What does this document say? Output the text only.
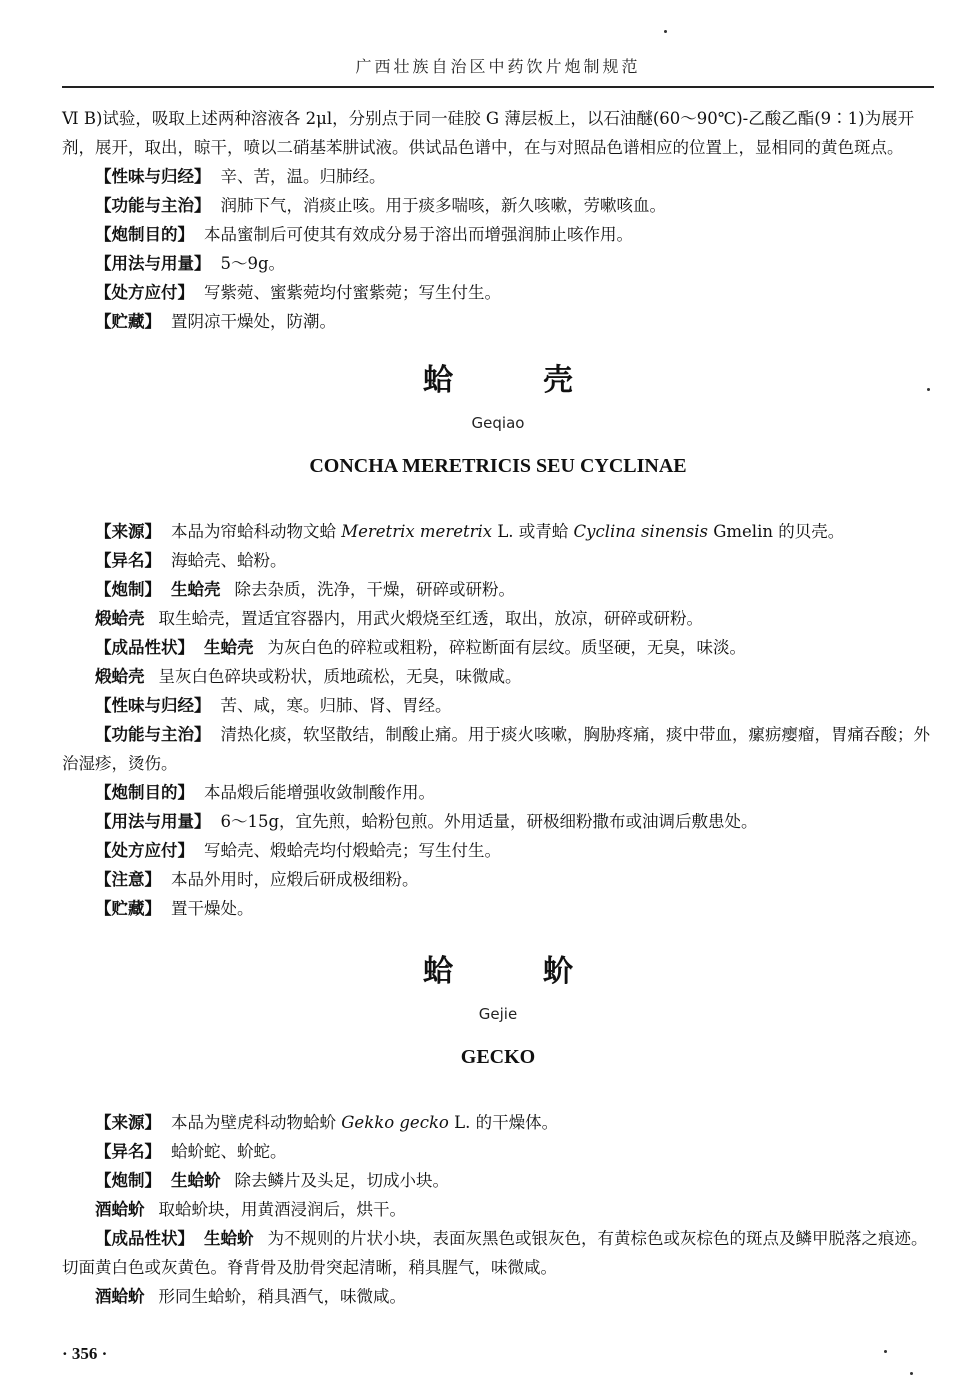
广西壮族自治区中药饮片炮制规范

Ⅵ B)试验，吸取上述两种溶液各 2μl，分别点于同一硅胶 G 薄层板上，以石油醚(60～90℃)-乙酸乙酯(9∶1)为展开剂，展开，取出，晾干，喷以二硝基苯肼试液。供试品色谱中，在与对照品色谱相应的位置上，显相同的黄色斑点。

【性味与归经】 辛、苦，温。归肺经。

【功能与主治】 润肺下气，消痰止咳。用于痰多喘咳，新久咳嗽，劳嗽咳血。

【炮制目的】 本品蜜制后可使其有效成分易于溶出而增强润肺止咳作用。

【用法与用量】 5～9g。

【处方应付】 写紫菀、蜜紫菀均付蜜紫菀；写生付生。

【贮藏】 置阴凉干燥处，防潮。

蛤　壳

Geqiao

CONCHA MERETRICIS SEU CYCLINAE

【来源】 本品为帘蛤科动物文蛤 Meretrix meretrix L. 或青蛤 Cyclina sinensis Gmelin 的贝壳。

【异名】 海蛤壳、蛤粉。

【炮制】 生蛤壳 除去杂质，洗净，干燥，研碎或研粉。

煅蛤壳 取生蛤壳，置适宜容器内，用武火煅烧至红透，取出，放凉，研碎或研粉。

【成品性状】 生蛤壳 为灰白色的碎粒或粗粉，碎粒断面有层纹。质坚硬，无臭，味淡。

煅蛤壳 呈灰白色碎块或粉状，质地疏松，无臭，味微咸。

【性味与归经】 苦、咸，寒。归肺、肾、胃经。

【功能与主治】 清热化痰，软坚散结，制酸止痛。用于痰火咳嗽，胸胁疼痛，痰中带血，瘰疬瘿瘤，胃痛吞酸；外治湿疹，烫伤。

【炮制目的】 本品煅后能增强收敛制酸作用。

【用法与用量】 6～15g，宜先煎，蛤粉包煎。外用适量，研极细粉撒布或油调后敷患处。

【处方应付】 写蛤壳、煅蛤壳均付煅蛤壳；写生付生。

【注意】 本品外用时，应煅后研成极细粉。

【贮藏】 置干燥处。

蛤　蚧

Gejie

GECKO

【来源】 本品为壁虎科动物蛤蚧 Gekko gecko L. 的干燥体。

【异名】 蛤蚧蛇、蚧蛇。

【炮制】 生蛤蚧 除去鳞片及头足，切成小块。

酒蛤蚧 取蛤蚧块，用黄酒浸润后，烘干。

【成品性状】 生蛤蚧 为不规则的片状小块，表面灰黑色或银灰色，有黄棕色或灰棕色的斑点及鳞甲脱落之痕迹。切面黄白色或灰黄色。脊背骨及肋骨突起清晰，稍具腥气，味微咸。

酒蛤蚧 形同生蛤蚧，稍具酒气，味微咸。

· 356 ·
